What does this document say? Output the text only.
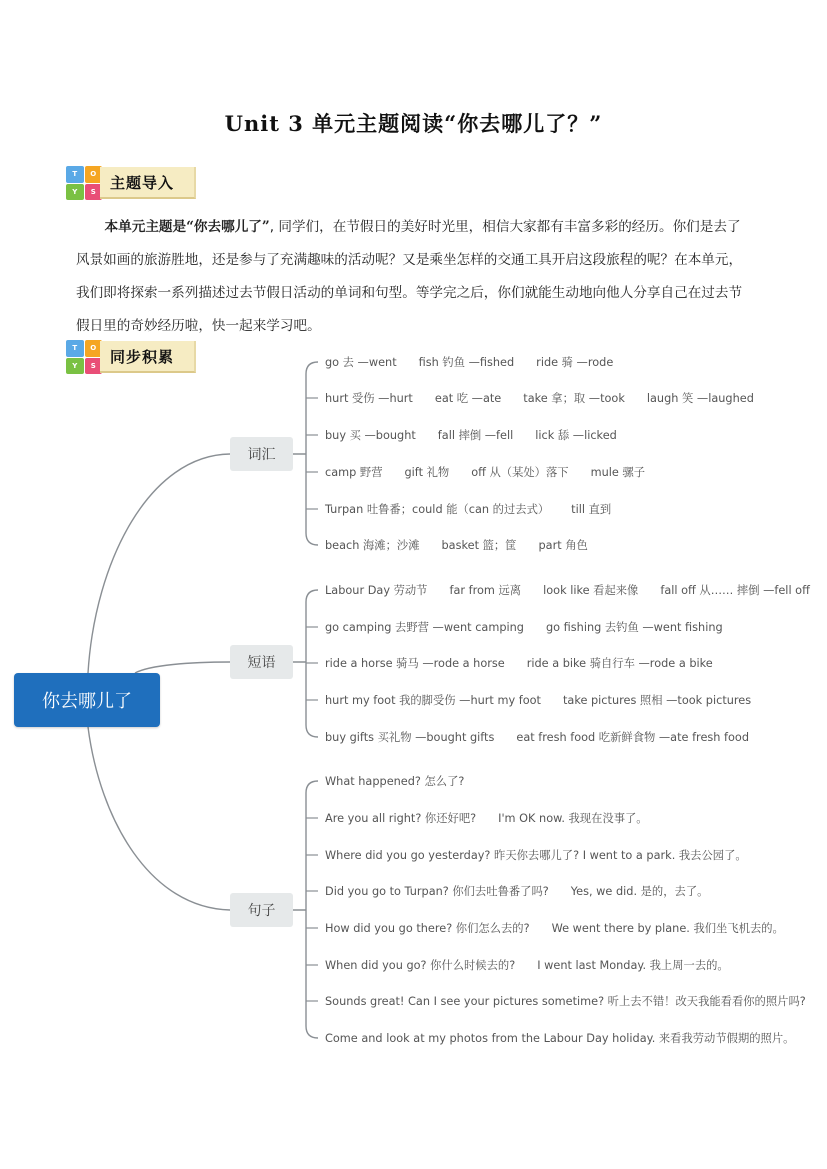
Unit 3 单元主题阅读“你去哪儿了？”
T	O
Y	S
主题导入
本单元主题是“你去哪儿了”, 同学们，在节假日的美好时光里，相信大家都有丰富多彩的经历。你们是去了风景如画的旅游胜地，还是参与了充满趣味的活动呢？又是乘坐怎样的交通工具开启这段旅程的呢？在本单元，我们即将探索一系列描述过去节假日活动的单词和句型。等学完之后，你们就能生动地向他人分享自己在过去节假日里的奇妙经历啦，快一起来学习吧。
T	O
Y	S
同步积累
你去哪儿了
词汇
短语
句子
go 去 —went fish 钓鱼 —fished ride 骑 —rode
hurt 受伤 —hurt eat 吃 —ate take 拿；取 —took laugh 笑 —laughed
buy 买 —bought fall 摔倒 —fell lick 舔 —licked
camp 野营 gift 礼物 off 从（某处）落下 mule 骡子
Turpan 吐鲁番；could 能（can 的过去式） till 直到
beach 海滩；沙滩 basket 篮；筐 part 角色
Labour Day 劳动节 far from 远离 look like 看起来像 fall off 从…… 摔倒 —fell off
go camping 去野营 —went camping go fishing 去钓鱼 —went fishing
ride a horse 骑马 —rode a horse ride a bike 骑自行车 —rode a bike
hurt my foot 我的脚受伤 —hurt my foot take pictures 照相 —took pictures
buy gifts 买礼物 —bought gifts eat fresh food 吃新鲜食物 —ate fresh food
What happened? 怎么了?
Are you all right? 你还好吧? I'm OK now. 我现在没事了。
Where did you go yesterday? 昨天你去哪儿了? I went to a park. 我去公园了。
Did you go to Turpan? 你们去吐鲁番了吗? Yes, we did. 是的，去了。
How did you go there? 你们怎么去的? We went there by plane. 我们坐飞机去的。
When did you go? 你什么时候去的? I went last Monday. 我上周一去的。
Sounds great! Can I see your pictures sometime? 听上去不错！改天我能看看你的照片吗?
Come and look at my photos from the Labour Day holiday. 来看我劳动节假期的照片。
